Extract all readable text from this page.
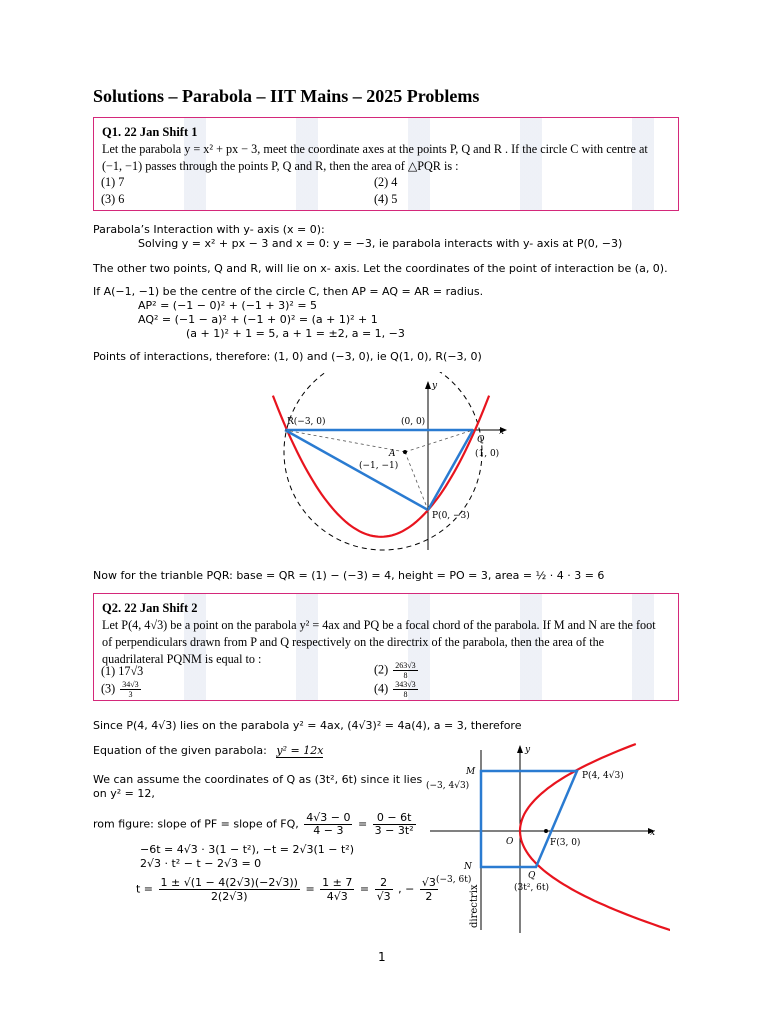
Solutions – Parabola – IIT Mains – 2025 Problems
Q1. 22 Jan Shift 1
Let the parabola y = x² + px − 3, meet the coordinate axes at the points P, Q and R . If the circle C with centre at
(−1, −1) passes through the points P, Q and R, then the area of △PQR is :
(1) 7	(2) 4
(3) 6	(4) 5
Parabola’s Interaction with y- axis (x = 0):
Solving y = x² + px − 3 and x = 0: y = −3, ie parabola interacts with y- axis at P(0, −3)
The other two points, Q and R, will lie on x- axis. Let the coordinates of the point of interaction be (a, 0).
If A(−1, −1) be the centre of the circle C, then AP = AQ = AR = radius.
AP² = (−1 − 0)² + (−1 + 3)² = 5
AQ² = (−1 − a)² + (−1 + 0)² = (a + 1)² + 1
(a + 1)² + 1 = 5, a + 1 = ±2, a = 1, −3
Points of interactions, therefore: (1, 0) and (−3, 0), ie Q(1, 0), R(−3, 0)
y
x
R(−3, 0)	(0, 0)
Q
(1, 0)
A
(−1, −1)
P(0, −3)
Now for the trianble PQR: base = QR = (1) − (−3) = 4, height = PO = 3, area = ½ · 4 · 3 = 6
Q2. 22 Jan Shift 2
Let P(4, 4√3) be a point on the parabola y² = 4ax and PQ be a focal chord of the parabola. If M and N are the foot
of perpendiculars drawn from P and Q respectively on the directrix of the parabola, then the area of the
quadrilateral PQNM is equal to :
(1) 17√3	$(2) \frac{263√3}{8}$
$(3) \frac{34√3}{3}$	$(4) \frac{343√3}{8}$
Since P(4, 4√3) lies on the parabola y² = 4ax, (4√3)² = 4a(4), a = 3, therefore
Equation of the given parabola: y² = 12x
We can assume the coordinates of Q as (3t², 6t) since it lies
on y² = 12,
rom figure: slope of PF = slope of FQ, $\frac{4√3 - 0}{4 - 3} = \frac{0 - 6t}{\text{3 − 3t²}}$
−6t = 4√3 · 3(1 − t²), −t = 2√3(1 − t²)
2√3 · t² − t − 2√3 = 0
$t = \frac{1 \pm √(1 - 4(2√3)(-2√3))}{2(2√3)} = \frac{1 \pm 7}{4√3} = \frac{2}{√3}$ , − $\frac{√3}{2}$
y
x
M
(−3, 4√3)
P(4, 4√3)
O	F(3, 0)
N
(−3, 6t)	Q
(3t², 6t)
directrix
1
